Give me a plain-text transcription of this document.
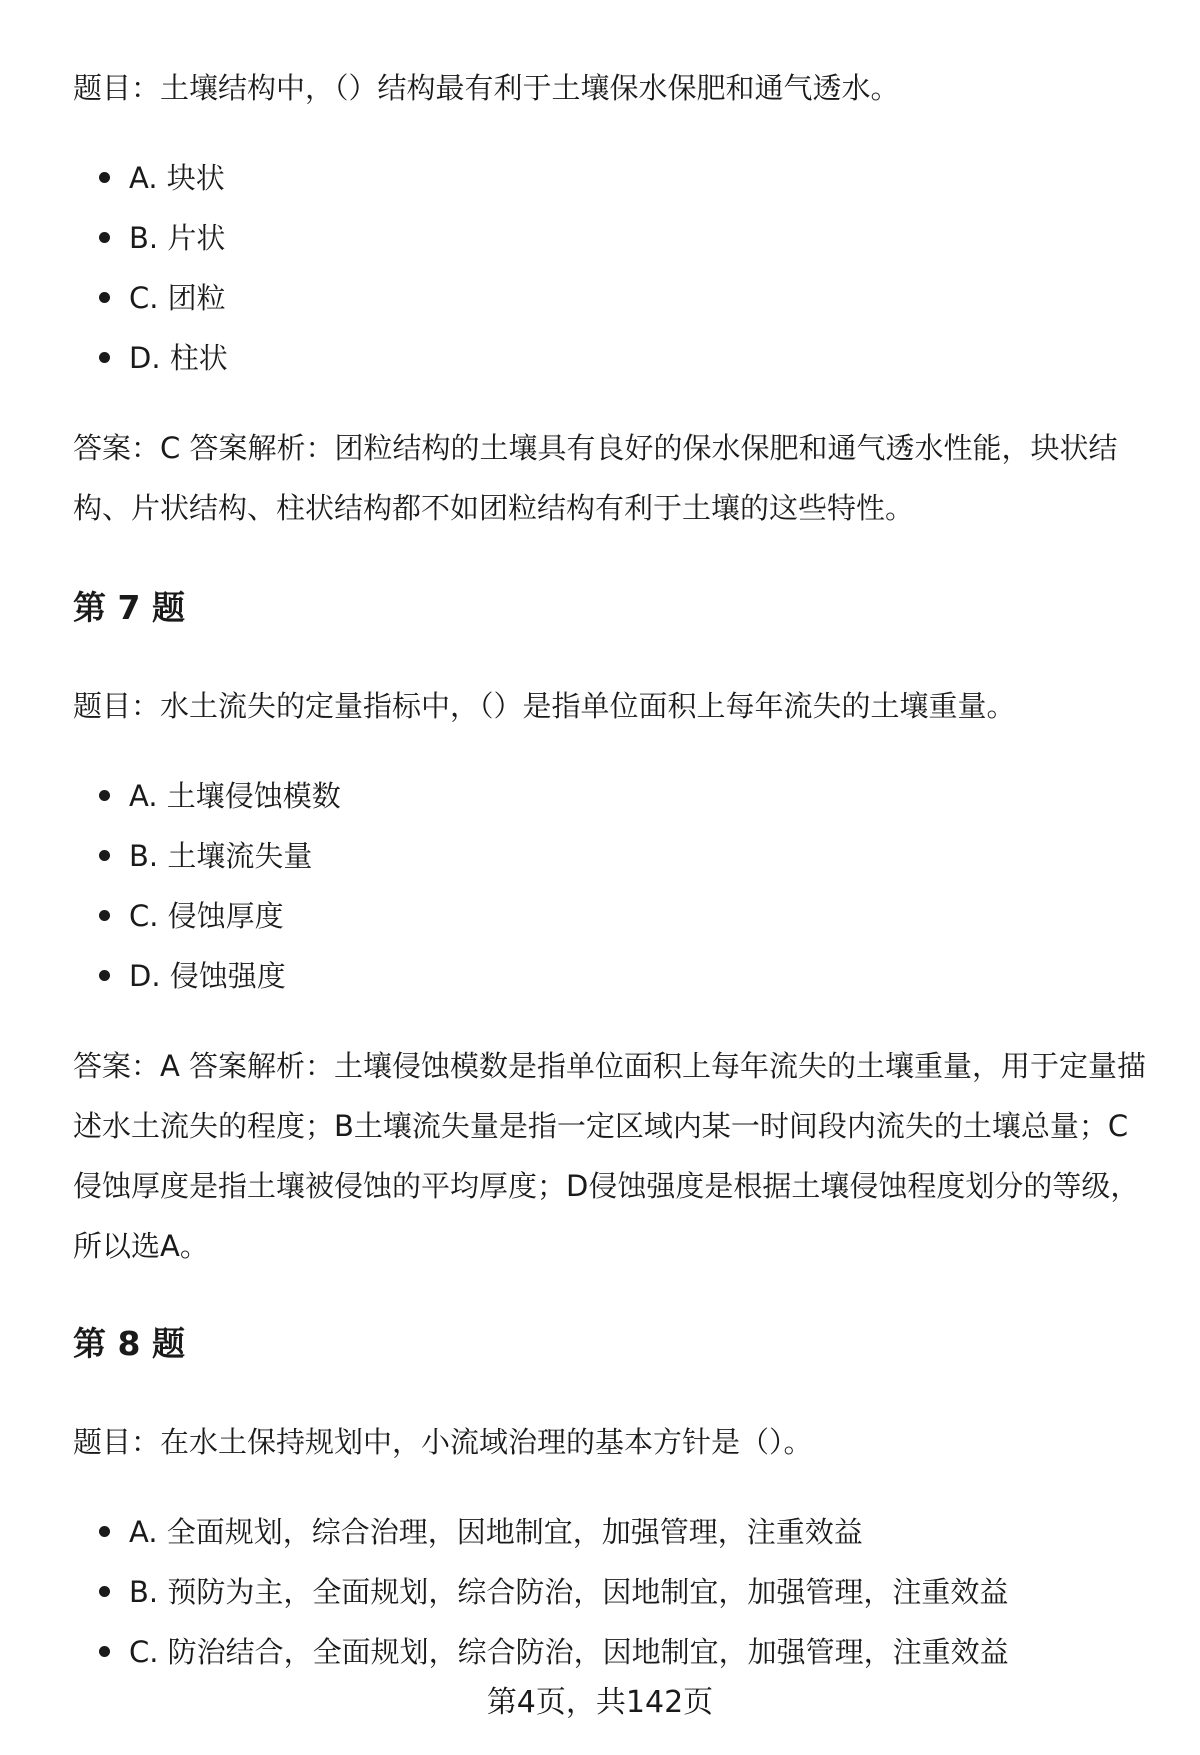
题目：土壤结构中，（）结构最有利于土壤保水保肥和通气透水。
A. 块状
B. 片状
C. 团粒
D. 柱状

答案：C 答案解析：团粒结构的土壤具有良好的保水保肥和通气透水性能，块状结构、片状结构、柱状结构都不如团粒结构有利于土壤的这些特性。

第 7 题
题目：水土流失的定量指标中，（）是指单位面积上每年流失的土壤重量。
A. 土壤侵蚀模数
B. 土壤流失量
C. 侵蚀厚度
D. 侵蚀强度

答案：A 答案解析：土壤侵蚀模数是指单位面积上每年流失的土壤重量，用于定量描述水土流失的程度；B土壤流失量是指一定区域内某一时间段内流失的土壤总量；C侵蚀厚度是指土壤被侵蚀的平均厚度；D侵蚀强度是根据土壤侵蚀程度划分的等级，所以选A。

第 8 题
题目：在水土保持规划中，小流域治理的基本方针是（）。
A. 全面规划，综合治理，因地制宜，加强管理，注重效益
B. 预防为主，全面规划，综合防治，因地制宜，加强管理，注重效益
C. 防治结合，全面规划，综合防治，因地制宜，加强管理，注重效益
第4页，共142页
